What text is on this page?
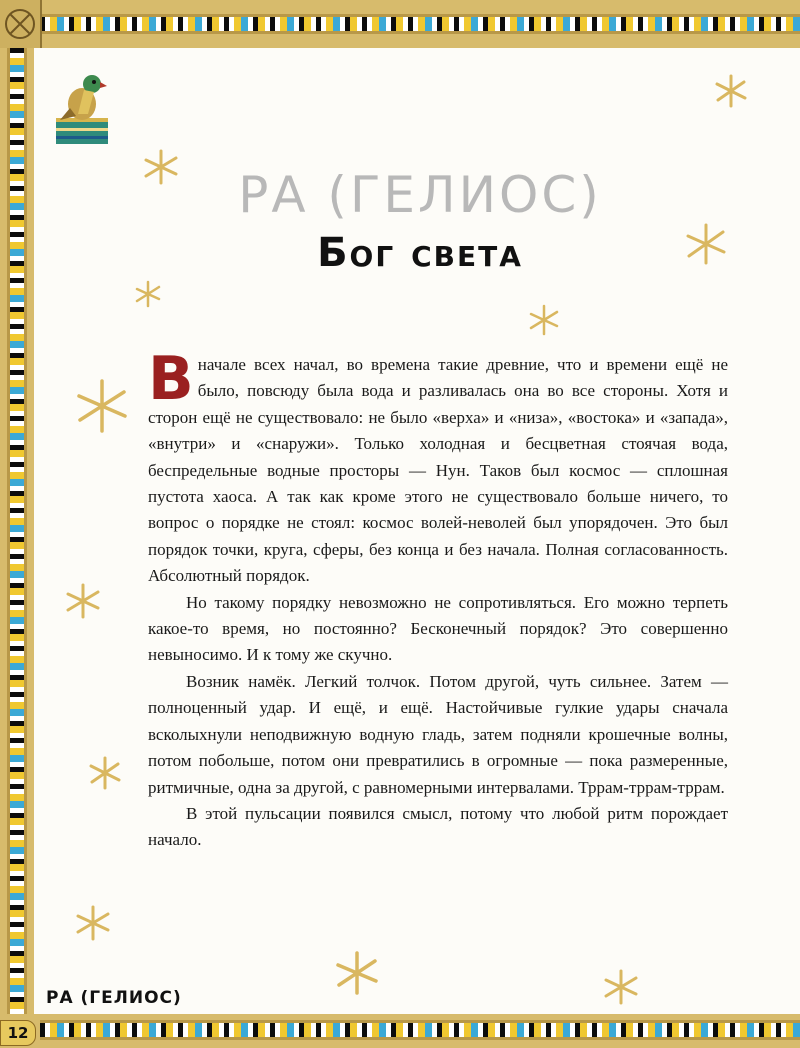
РА (ГЕЛИОС)
Бог света

Вначале всех начал, во времена такие древние, что и времени ещё не было, повсюду была вода и разливалась она во все стороны. Хотя и сторон ещё не существовало: не было «верха» и «низа», «востока» и «запада», «внутри» и «снаружи». Только холодная и бесцветная стоячая вода, беспредельные водные просторы — Нун. Таков был космос — сплошная пустота хаоса. А так как кроме этого не существовало больше ничего, то вопрос о порядке не стоял: космос волей-неволей был упорядочен. Это был порядок точки, круга, сферы, без конца и без начала. Полная согласованность. Абсолютный порядок.

Но такому порядку невозможно не сопротивляться. Его можно терпеть какое-то время, но постоянно? Бесконечный порядок? Это совершенно невыносимо. И к тому же скучно.

Возник намёк. Легкий толчок. Потом другой, чуть сильнее. Затем — полноценный удар. И ещё, и ещё. Настойчивые гулкие удары сначала всколыхнули неподвижную водную гладь, затем подняли крошечные волны, потом побольше, потом они превратились в огромные — пока размеренные, ритмичные, одна за другой, с равномерными интервалами. Тррам-тррам-тррам.

В этой пульсации появился смысл, потому что любой ритм порождает начало.

РА (ГЕЛИОС)
12
